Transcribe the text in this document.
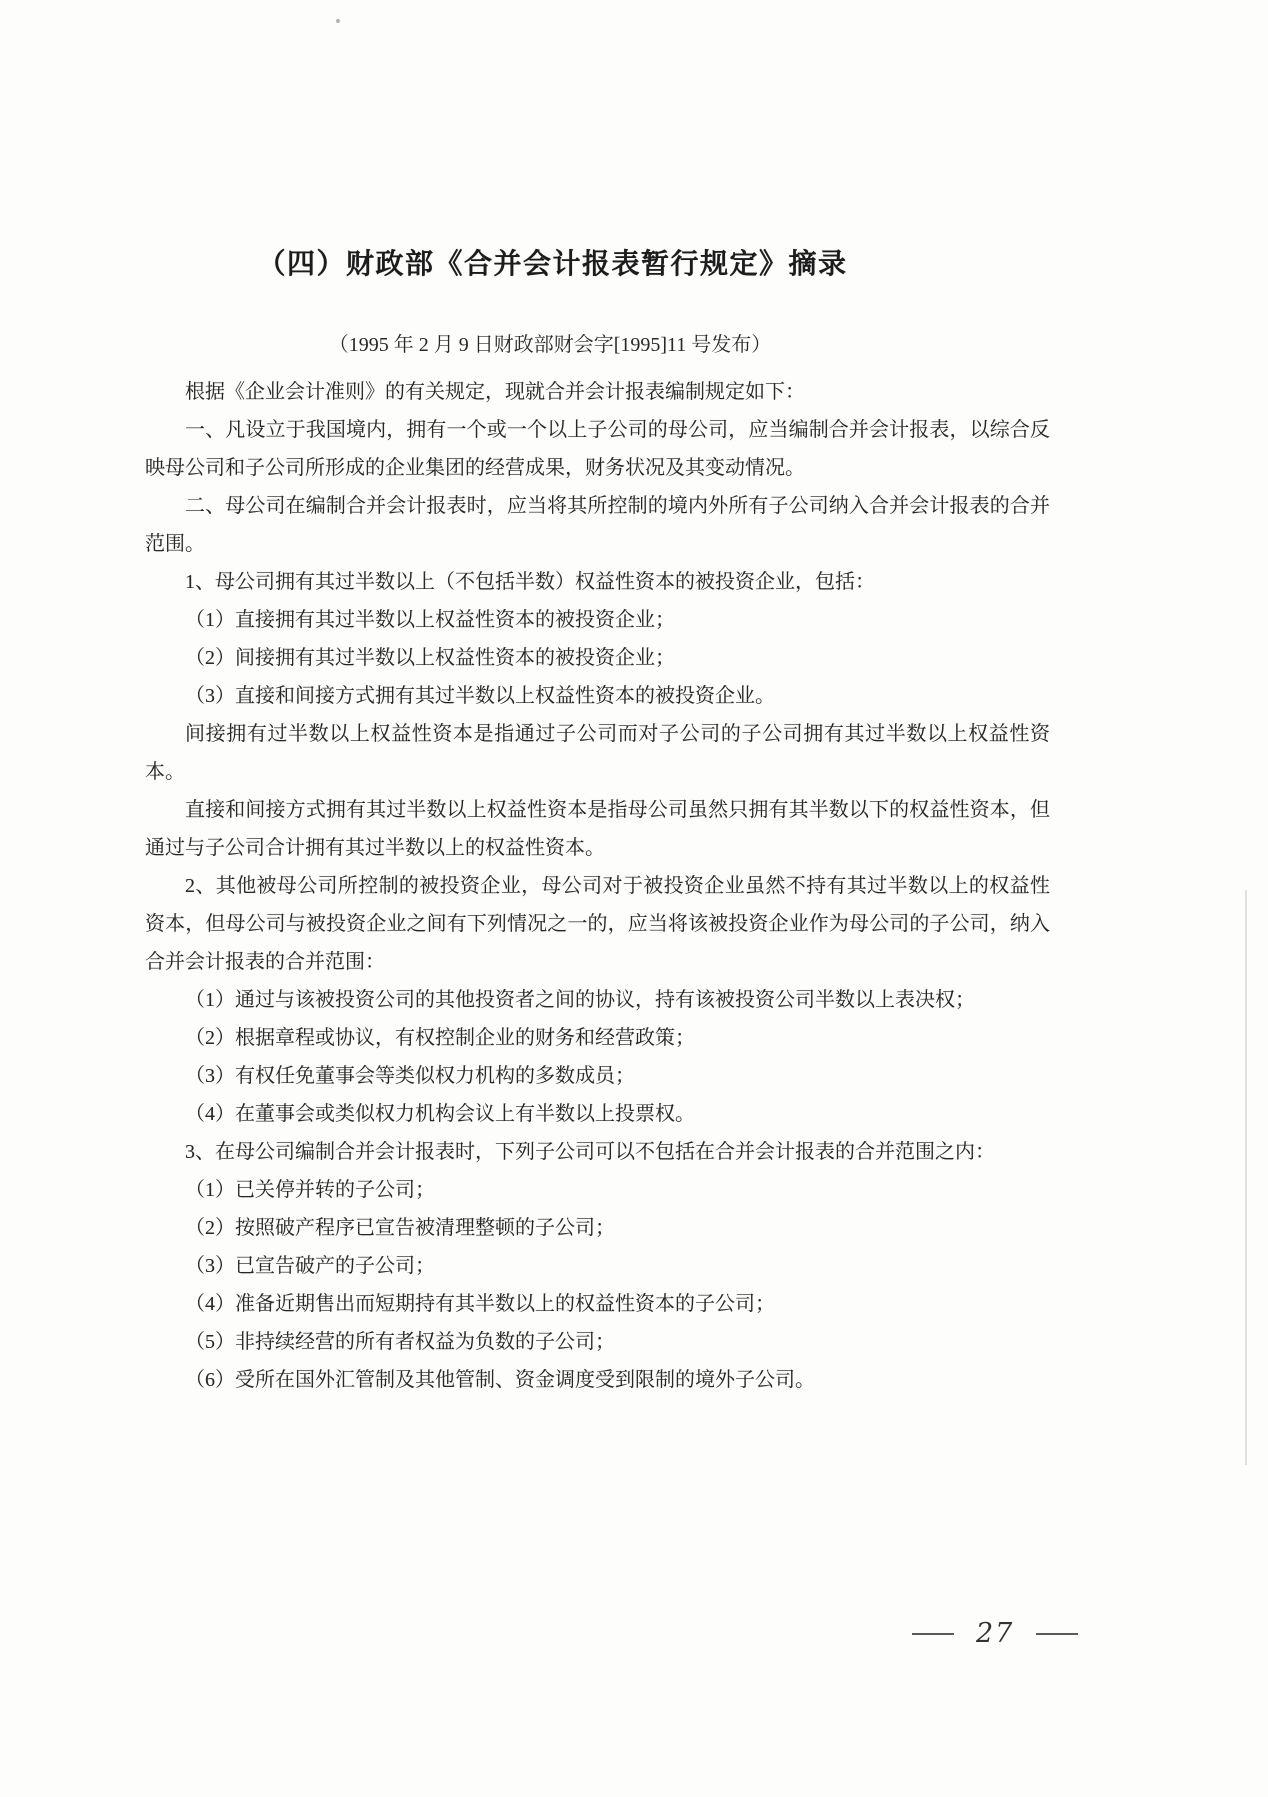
（四）财政部《合并会计报表暂行规定》摘录

（1995 年 2 月 9 日财政部财会字[1995]11 号发布）

根据《企业会计准则》的有关规定，现就合并会计报表编制规定如下：

一、凡设立于我国境内，拥有一个或一个以上子公司的母公司，应当编制合并会计报表，以综合反映母公司和子公司所形成的企业集团的经营成果，财务状况及其变动情况。

二、母公司在编制合并会计报表时，应当将其所控制的境内外所有子公司纳入合并会计报表的合并范围。

1、母公司拥有其过半数以上（不包括半数）权益性资本的被投资企业，包括：

（1）直接拥有其过半数以上权益性资本的被投资企业；

（2）间接拥有其过半数以上权益性资本的被投资企业；

（3）直接和间接方式拥有其过半数以上权益性资本的被投资企业。

间接拥有过半数以上权益性资本是指通过子公司而对子公司的子公司拥有其过半数以上权益性资本。

直接和间接方式拥有其过半数以上权益性资本是指母公司虽然只拥有其半数以下的权益性资本，但通过与子公司合计拥有其过半数以上的权益性资本。

2、其他被母公司所控制的被投资企业，母公司对于被投资企业虽然不持有其过半数以上的权益性资本，但母公司与被投资企业之间有下列情况之一的，应当将该被投资企业作为母公司的子公司，纳入合并会计报表的合并范围：

（1）通过与该被投资公司的其他投资者之间的协议，持有该被投资公司半数以上表决权；

（2）根据章程或协议，有权控制企业的财务和经营政策；

（3）有权任免董事会等类似权力机构的多数成员；

（4）在董事会或类似权力机构会议上有半数以上投票权。

3、在母公司编制合并会计报表时，下列子公司可以不包括在合并会计报表的合并范围之内：

（1）已关停并转的子公司；

（2）按照破产程序已宣告被清理整顿的子公司；

（3）已宣告破产的子公司；

（4）准备近期售出而短期持有其半数以上的权益性资本的子公司；

（5）非持续经营的所有者权益为负数的子公司；

（6）受所在国外汇管制及其他管制、资金调度受到限制的境外子公司。

27
